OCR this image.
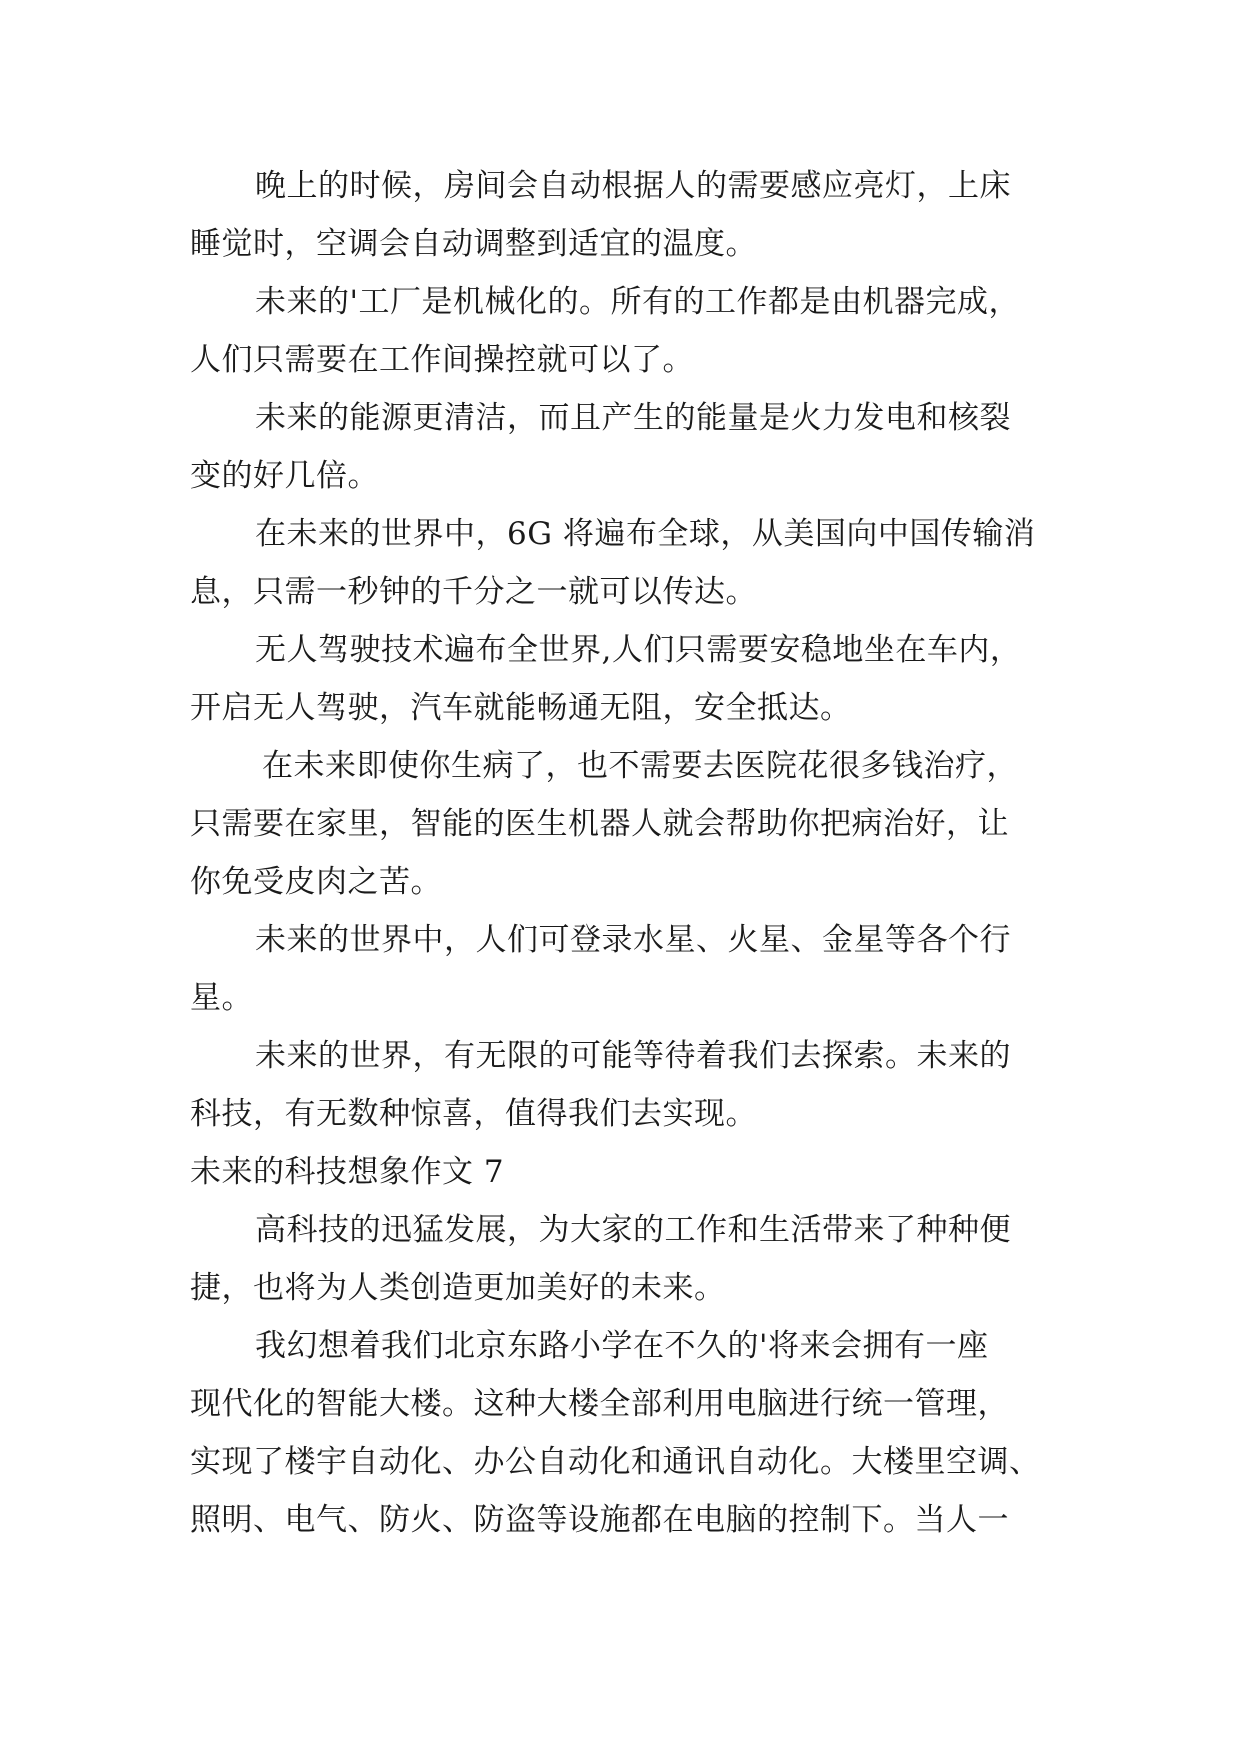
晚上的时候，房间会自动根据人的需要感应亮灯，上床
睡觉时，空调会自动调整到适宜的温度。
未来的'工厂是机械化的。所有的工作都是由机器完成，
人们只需要在工作间操控就可以了。
未来的能源更清洁，而且产生的能量是火力发电和核裂
变的好几倍。
在未来的世界中，6G 将遍布全球，从美国向中国传输消
息，只需一秒钟的千分之一就可以传达。
无人驾驶技术遍布全世界,人们只需要安稳地坐在车内，
开启无人驾驶，汽车就能畅通无阻，安全抵达。
在未来即使你生病了，也不需要去医院花很多钱治疗，
只需要在家里，智能的医生机器人就会帮助你把病治好，让
你免受皮肉之苦。
未来的世界中，人们可登录水星、火星、金星等各个行
星。
未来的世界，有无限的可能等待着我们去探索。未来的
科技，有无数种惊喜，值得我们去实现。
未来的科技想象作文 7
高科技的迅猛发展，为大家的工作和生活带来了种种便
捷，也将为人类创造更加美好的未来。
我幻想着我们北京东路小学在不久的'将来会拥有一座
现代化的智能大楼。这种大楼全部利用电脑进行统一管理，
实现了楼宇自动化、办公自动化和通讯自动化。大楼里空调、
照明、电气、防火、防盗等设施都在电脑的控制下。当人一
